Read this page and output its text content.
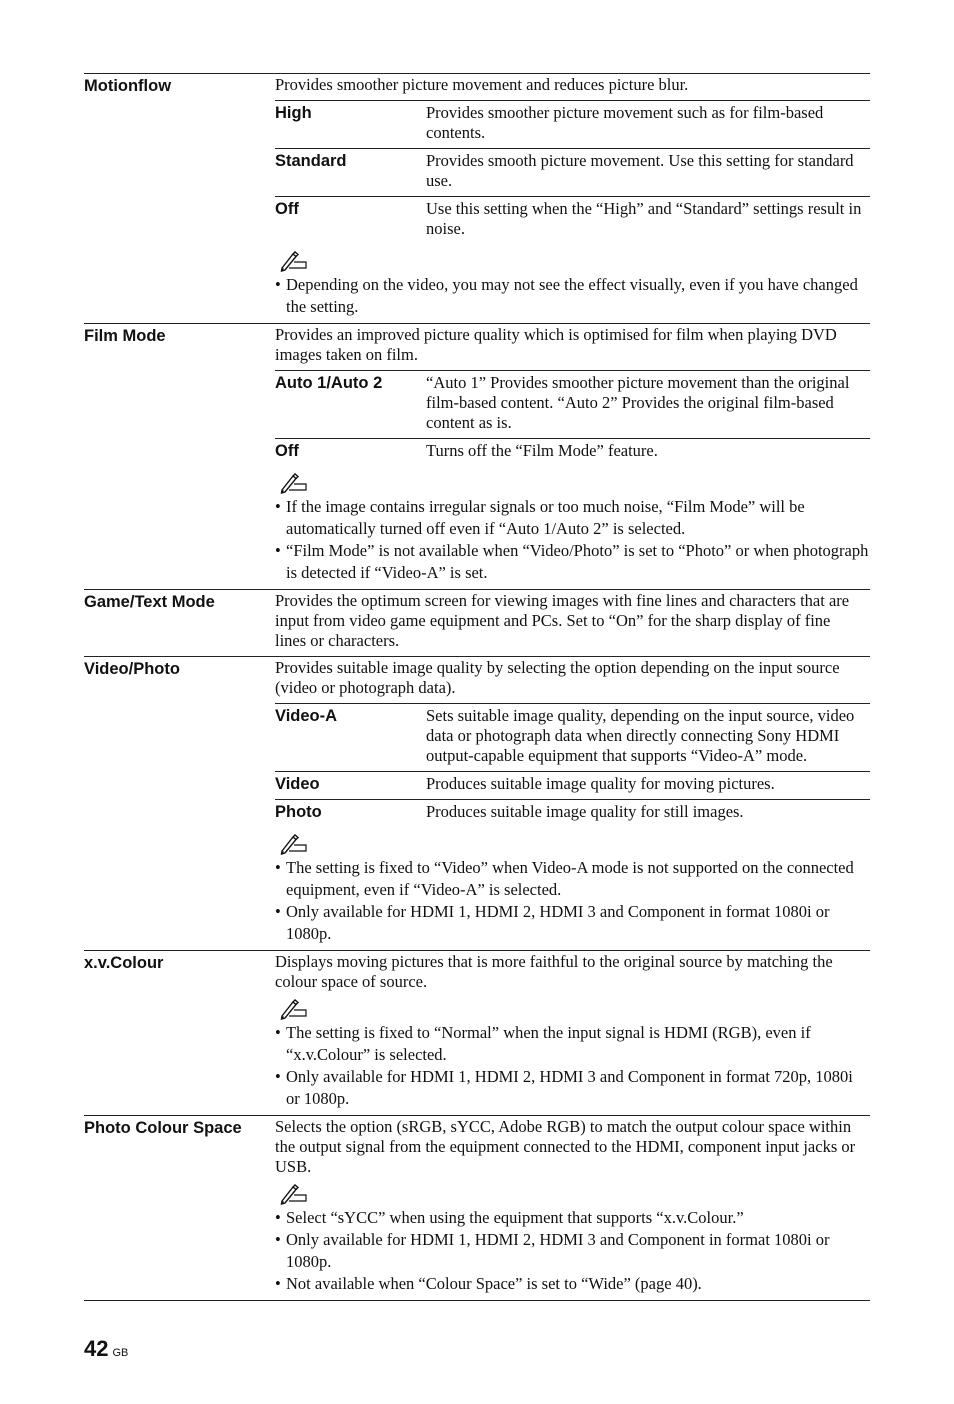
Motionflow	Provides smoother picture movement and reduces picture blur.
High	Provides smoother picture movement such as for film-based contents.
Standard	Provides smooth picture movement. Use this setting for standard use.
Off	Use this setting when the “High” and “Standard” settings result in noise.
• Depending on the video, you may not see the effect visually, even if you have changed the setting.
Film Mode	Provides an improved picture quality which is optimised for film when playing DVD images taken on film.
Auto 1/Auto 2	“Auto 1” Provides smoother picture movement than the original film-based content. “Auto 2” Provides the original film-based content as is.
Off	Turns off the “Film Mode” feature.
• If the image contains irregular signals or too much noise, “Film Mode” will be automatically turned off even if “Auto 1/Auto 2” is selected.
• “Film Mode” is not available when “Video/Photo” is set to “Photo” or when photograph is detected if “Video-A” is set.
Game/Text Mode	Provides the optimum screen for viewing images with fine lines and characters that are input from video game equipment and PCs. Set to “On” for the sharp display of fine lines or characters.
Video/Photo	Provides suitable image quality by selecting the option depending on the input source (video or photograph data).
Video-A	Sets suitable image quality, depending on the input source, video data or photograph data when directly connecting Sony HDMI output-capable equipment that supports “Video-A” mode.
Video	Produces suitable image quality for moving pictures.
Photo	Produces suitable image quality for still images.
• The setting is fixed to “Video” when Video-A mode is not supported on the connected equipment, even if “Video-A” is selected.
• Only available for HDMI 1, HDMI 2, HDMI 3 and Component in format 1080i or 1080p.
x.v.Colour	Displays moving pictures that is more faithful to the original source by matching the colour space of source.
• The setting is fixed to “Normal” when the input signal is HDMI (RGB), even if “x.v.Colour” is selected.
• Only available for HDMI 1, HDMI 2, HDMI 3 and Component in format 720p, 1080i or 1080p.
Photo Colour Space	Selects the option (sRGB, sYCC, Adobe RGB) to match the output colour space within the output signal from the equipment connected to the HDMI, component input jacks or USB.
• Select “sYCC” when using the equipment that supports “x.v.Colour.”
• Only available for HDMI 1, HDMI 2, HDMI 3 and Component in format 1080i or 1080p.
• Not available when “Colour Space” is set to “Wide” (page 40).
42 GB
